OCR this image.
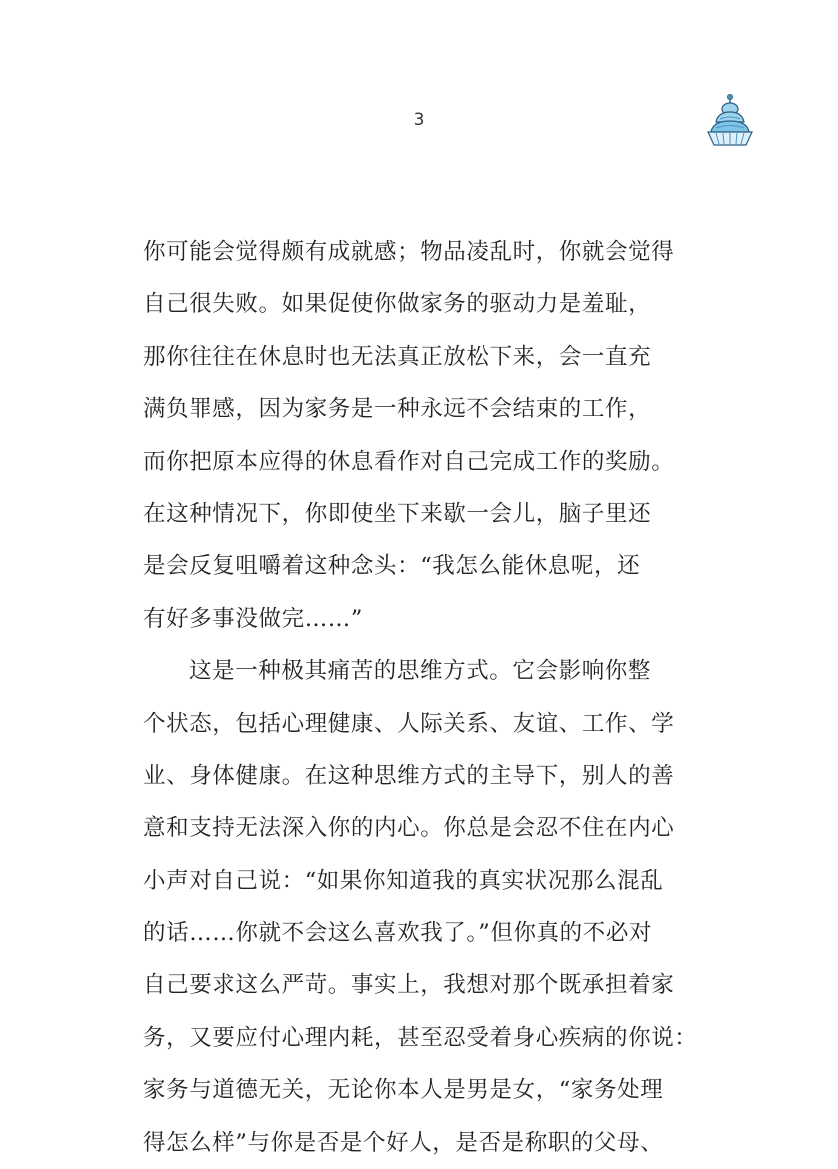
3
你可能会觉得颇有成就感；物品凌乱时，你就会觉得
自己很失败。如果促使你做家务的驱动力是羞耻，
那你往往在休息时也无法真正放松下来，会一直充
满负罪感，因为家务是一种永远不会结束的工作，
而你把原本应得的休息看作对自己完成工作的奖励。
在这种情况下，你即使坐下来歇一会儿，脑子里还
是会反复咀嚼着这种念头：“我怎么能休息呢，还
有好多事没做完……”
这是一种极其痛苦的思维方式。它会影响你整
个状态，包括心理健康、人际关系、友谊、工作、学
业、身体健康。在这种思维方式的主导下，别人的善
意和支持无法深入你的内心。你总是会忍不住在内心
小声对自己说：“如果你知道我的真实状况那么混乱
的话……你就不会这么喜欢我了。”但你真的不必对
自己要求这么严苛。事实上，我想对那个既承担着家
务，又要应付心理内耗，甚至忍受着身心疾病的你说：
家务与道德无关，无论你本人是男是女，“家务处理
得怎么样”与你是否是个好人，是否是称职的父母、
